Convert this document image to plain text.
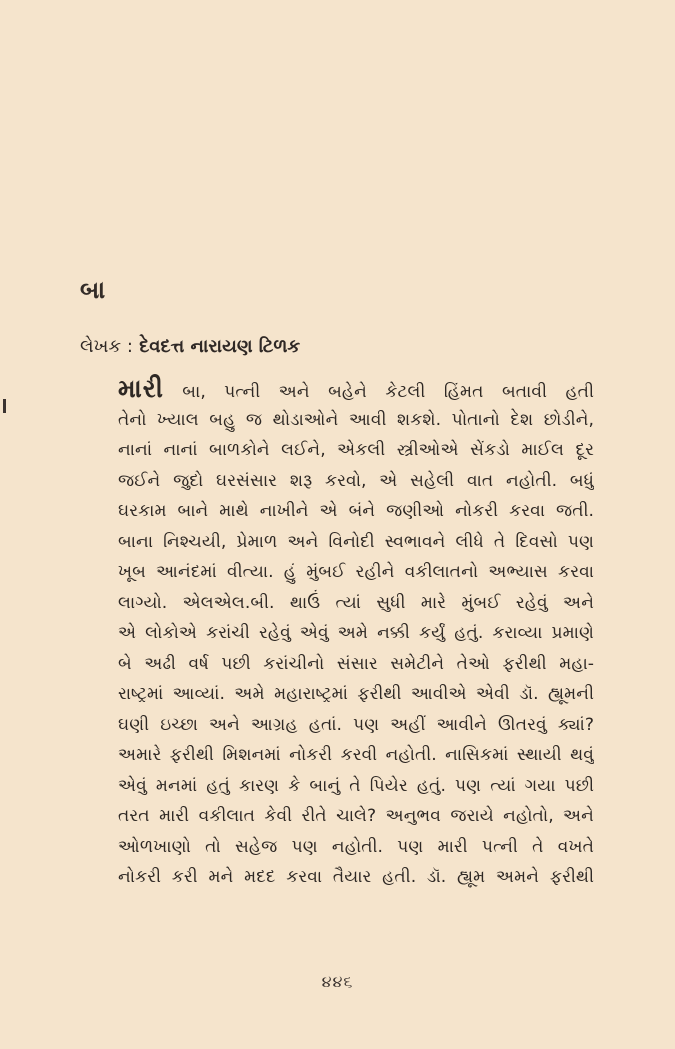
બા
લેખક : દેવદત્ત નારાયણ ટિળક
મારી બા, પત્ની અને બહેને કેટલી હિંમત બતાવી હતી
તેનો ખ્યાલ બહુ જ થોડાઓને આવી શકશે. પોતાનો દેશ છોડીને,
નાનાં નાનાં બાળકોને લઈને, એકલી સ્ત્રીઓએ સેંકડો માઈલ દૂર
જઈને જુદો ઘરસંસાર શરૂ કરવો, એ સહેલી વાત નહોતી. બધું
ઘરકામ બાને માથે નાખીને એ બંને જણીઓ નોકરી કરવા જતી.
બાના નિશ્ચયી, પ્રેમાળ અને વિનોદી સ્વભાવને લીધે તે દિવસો પણ
ખૂબ આનંદમાં વીત્યા. હું મુંબઈ રહીને વકીલાતનો અભ્યાસ કરવા
લાગ્યો. એલએલ.બી. થાઉં ત્યાં સુધી મારે મુંબઈ રહેવું અને
એ લોકોએ કરાંચી રહેવું એવું અમે નક્કી કર્યું હતું. કરાવ્યા પ્રમાણે
બે અઢી વર્ષ પછી કરાંચીનો સંસાર સમેટીને તેઓ ફરીથી મહા-
રાષ્ટ્રમાં આવ્યાં. અમે મહારાષ્ટ્રમાં ફરીથી આવીએ એવી ડૉ. હ્યૂમની
ઘણી ઇચ્છા અને આગ્રહ હતાં. પણ અહીં આવીને ઊતરવું ક્યાં?
અમારે ફરીથી મિશનમાં નોકરી કરવી નહોતી. નાસિકમાં સ્થાયી થવું
એવું મનમાં હતું કારણ કે બાનું તે પિયેર હતું. પણ ત્યાં ગયા પછી
તરત મારી વકીલાત કેવી રીતે ચાલે? અનુભવ જરાયે નહોતો, અને
ઓળખાણો તો સહેજ પણ નહોતી. પણ મારી પત્ની તે વખતે
નોકરી કરી મને મદદ કરવા તૈયાર હતી. ડૉ. હ્યૂમ અમને ફરીથી
૪૪૬
